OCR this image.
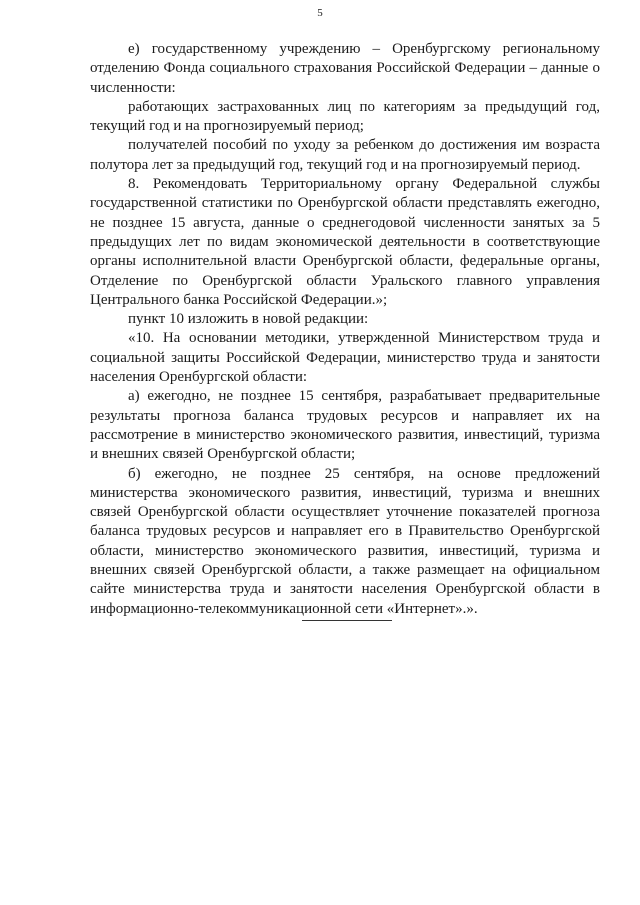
5

е) государственному учреждению – Оренбургскому региональному отделению Фонда социального страхования Российской Федерации – данные о численности:

работающих застрахованных лиц по категориям за предыдущий год, текущий год и на прогнозируемый период;

получателей пособий по уходу за ребенком до достижения им возраста полутора лет за предыдущий год, текущий год и на прогнозируемый период.

8. Рекомендовать Территориальному органу Федеральной службы государственной статистики по Оренбургской области представлять ежегодно, не позднее 15 августа, данные о среднегодовой численности занятых за 5 предыдущих лет по видам экономической деятельности в соответствующие органы исполнительной власти Оренбургской области, федеральные органы, Отделение по Оренбургской области Уральского главного управления Центрального банка Российской Федерации.»;

пункт 10 изложить в новой редакции:

«10. На основании методики, утвержденной Министерством труда и социальной защиты Российской Федерации, министерство труда и занятости населения Оренбургской области:

а) ежегодно, не позднее 15 сентября, разрабатывает предварительные результаты прогноза баланса трудовых ресурсов и направляет их на рассмотрение в министерство экономического развития, инвестиций, туризма и внешних связей Оренбургской области;

б) ежегодно, не позднее 25 сентября, на основе предложений министерства экономического развития, инвестиций, туризма и внешних связей Оренбургской области осуществляет уточнение показателей прогноза баланса трудовых ресурсов и направляет его в Правительство Оренбургской области, министерство экономического развития, инвестиций, туризма и внешних связей Оренбургской области, а также размещает на официальном сайте министерства труда и занятости населения Оренбургской области в информационно-телекоммуникационной сети «Интернет».».
